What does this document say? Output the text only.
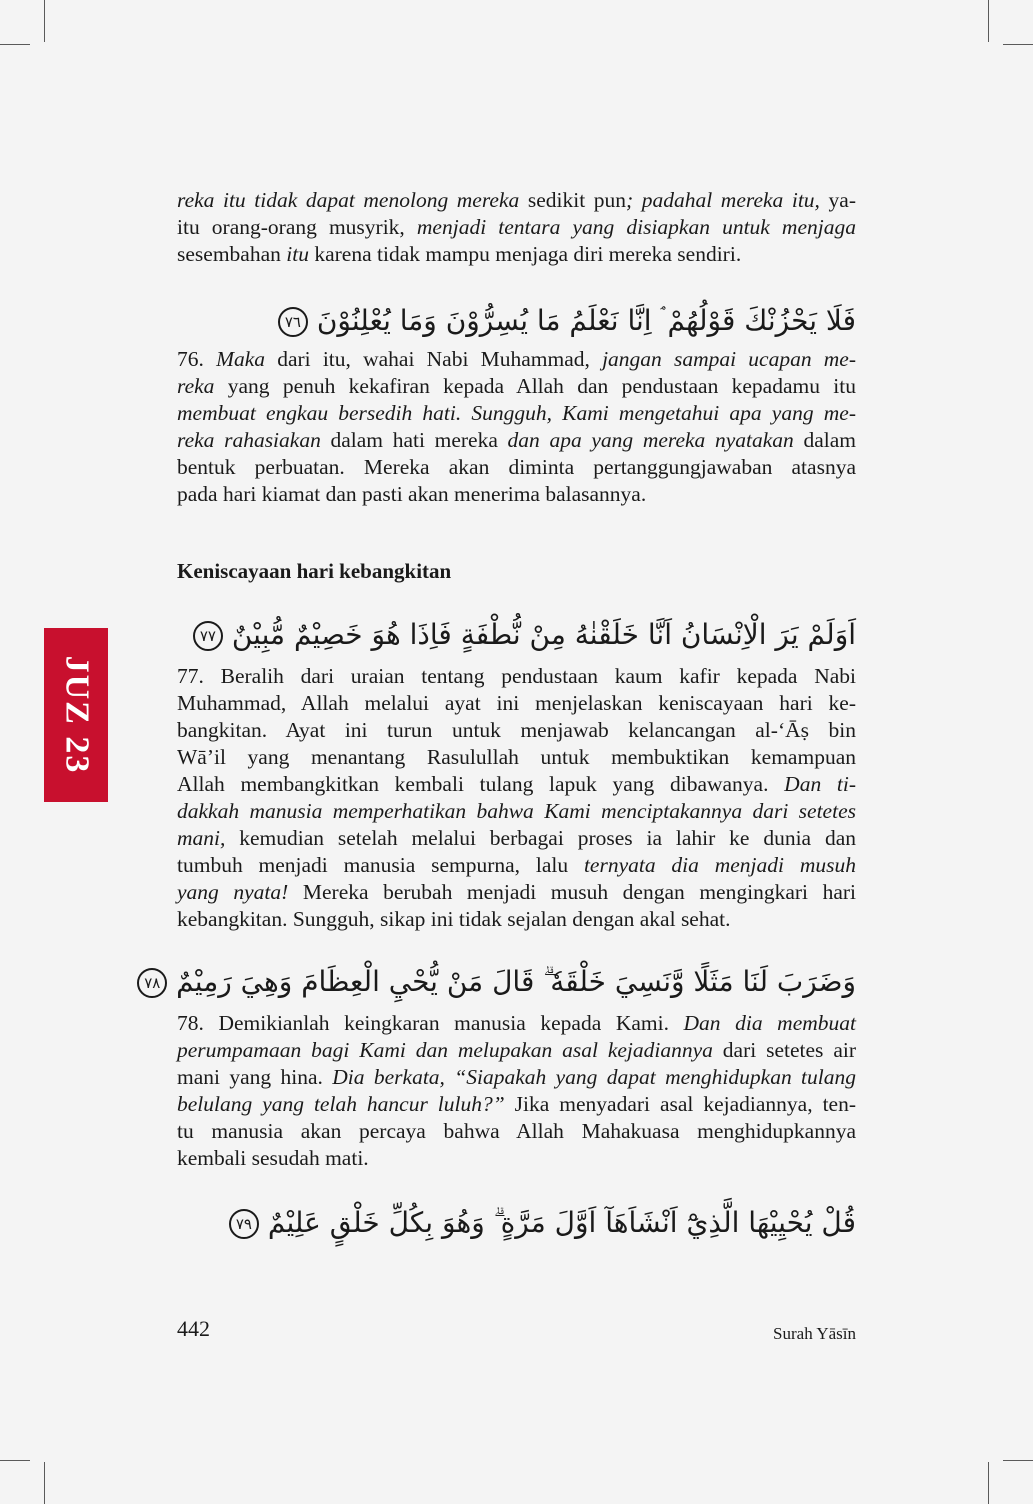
JUZ 23
reka itu tidak dapat menolong mereka sedikit pun; padahal mereka itu, ya-
itu orang-orang musyrik, menjadi tentara yang disiapkan untuk menjaga
sesembahan itu karena tidak mampu menjaga diri mereka sendiri.
فَلَا يَحْزُنْكَ قَوْلُهُمْ ۘ اِنَّا نَعْلَمُ مَا يُسِرُّوْنَ وَمَا يُعْلِنُوْنَ ٧٦
76. Maka dari itu, wahai Nabi Muhammad, jangan sampai ucapan me-
reka yang penuh kekafiran kepada Allah dan pendustaan kepadamu itu
membuat engkau bersedih hati. Sungguh, Kami mengetahui apa yang me-
reka rahasiakan dalam hati mereka dan apa yang mereka nyatakan dalam
bentuk perbuatan. Mereka akan diminta pertanggungjawaban atasnya
pada hari kiamat dan pasti akan menerima balasannya.
Keniscayaan hari kebangkitan
اَوَلَمْ يَرَ الْاِنْسَانُ اَنَّا خَلَقْنٰهُ مِنْ نُّطْفَةٍ فَاِذَا هُوَ خَصِيْمٌ مُّبِيْنٌ ٧٧
77. Beralih dari uraian tentang pendustaan kaum kafir kepada Nabi
Muhammad, Allah melalui ayat ini menjelaskan keniscayaan hari ke-
bangkitan. Ayat ini turun untuk menjawab kelancangan al-ʻĀṣ bin
Wāʼil yang menantang Rasulullah untuk membuktikan kemampuan
Allah membangkitkan kembali tulang lapuk yang dibawanya. Dan ti-
dakkah manusia memperhatikan bahwa Kami menciptakannya dari setetes
mani, kemudian setelah melalui berbagai proses ia lahir ke dunia dan
tumbuh menjadi manusia sempurna, lalu ternyata dia menjadi musuh
yang nyata! Mereka berubah menjadi musuh dengan mengingkari hari
kebangkitan. Sungguh, sikap ini tidak sejalan dengan akal sehat.
وَضَرَبَ لَنَا مَثَلًا وَّنَسِيَ خَلْقَهٗ ۗ قَالَ مَنْ يُّحْيِ الْعِظَامَ وَهِيَ رَمِيْمٌ ٧٨
78. Demikianlah keingkaran manusia kepada Kami. Dan dia membuat
perumpamaan bagi Kami dan melupakan asal kejadiannya dari setetes air
mani yang hina. Dia berkata, “Siapakah yang dapat menghidupkan tulang
belulang yang telah hancur luluh?” Jika menyadari asal kejadiannya, ten-
tu manusia akan percaya bahwa Allah Mahakuasa menghidupkannya
kembali sesudah mati.
قُلْ يُحْيِيْهَا الَّذِيْٓ اَنْشَاَهَآ اَوَّلَ مَرَّةٍ ۗ وَهُوَ بِكُلِّ خَلْقٍ عَلِيْمٌ ٧٩
442	Surah Yāsīn
